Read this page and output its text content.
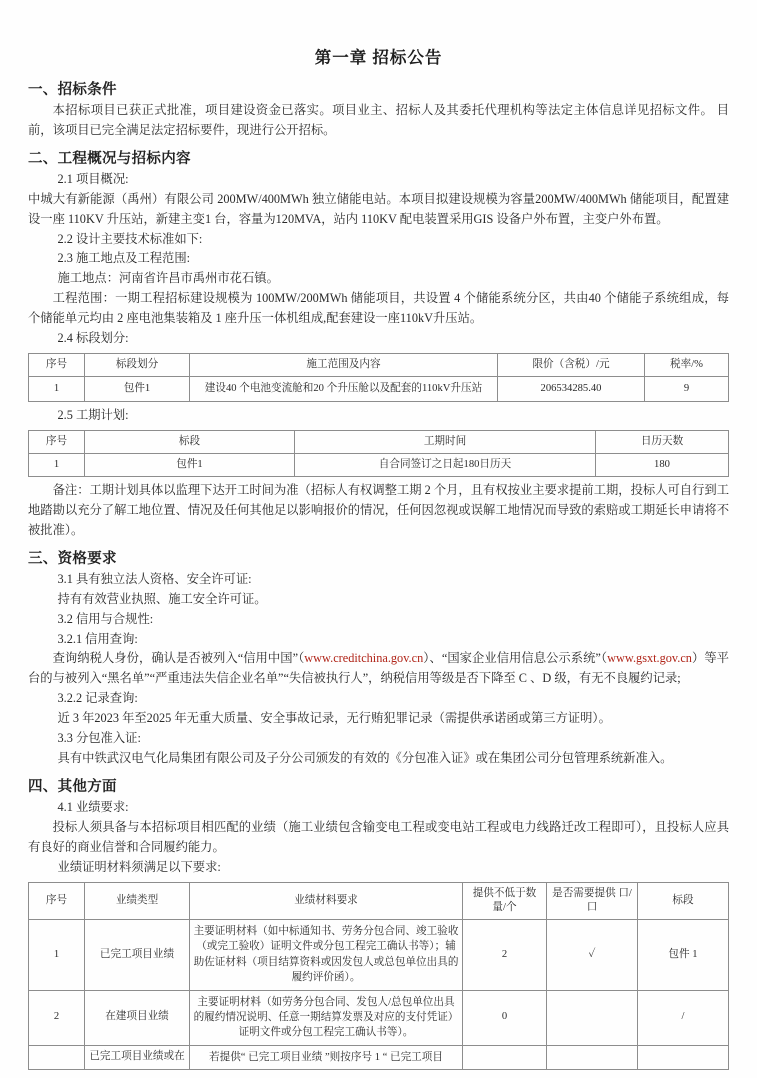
第一章 招标公告
一、招标条件

本招标项目已获正式批准，项目建设资金已落实。项目业主、招标人及其委托代理机构等法定主体信息详见招标文件。 目前，该项目已完全满足法定招标要件，现进行公开招标。

二、工程概况与招标内容

2.1 项目概况:

中城大有新能源（禹州）有限公司 200MW/400MWh 独立储能电站。本项目拟建设规模为容量200MW/400MWh 储能项目，配置建设一座 110KV 升压站，新建主变1 台，容量为120MVA，站内 110KV 配电装置采用GIS 设备户外布置，主变户外布置。

2.2 设计主要技术标准如下:

2.3 施工地点及工程范围:

施工地点：河南省许昌市禹州市花石镇。

工程范围：一期工程招标建设规模为 100MW/200MWh 储能项目，共设置 4 个储能系统分区，共由40 个储能子系统组成，每个储能单元均由 2 座电池集装箱及 1 座升压一体机组成,配套建设一座110kV升压站。

2.4 标段划分:

序号	标段划分	施工范围及内容	限价（含税）/元	税率/%
1	包件1	建设40 个电池变流舱和20 个升压舱以及配套的110kV升压站	206534285.40	9

2.5 工期计划:

序号	标段	工期时间	日历天数
1	包件1	自合同签订之日起180日历天	180

备注：工期计划具体以监理下达开工时间为准（招标人有权调整工期 2 个月，且有权按业主要求提前工期，投标人可自行到工地踏勘以充分了解工地位置、情况及任何其他足以影响报价的情况，任何因忽视或误解工地情况而导致的索赔或工期延长申请将不被批准）。

三、资格要求

3.1 具有独立法人资格、安全许可证:

持有有效营业执照、施工安全许可证。

3.2 信用与合规性:

3.2.1 信用查询:

查询纳税人身份，确认是否被列入“信用中国”（www.creditchina.gov.cn）、“国家企业信用信息公示系统”（www.gsxt.gov.cn）等平台的与被列入“黑名单”“严重违法失信企业名单”“失信被执行人”，纳税信用等级是否下降至 C 、D 级，有无不良履约记录;

3.2.2 记录查询:

近 3 年2023 年至2025 年无重大质量、安全事故记录，无行贿犯罪记录（需提供承诺函或第三方证明）。

3.3 分包准入证:

具有中铁武汉电气化局集团有限公司及子分公司颁发的有效的《分包准入证》或在集团公司分包管理系统新准入。

四、其他方面

4.1 业绩要求:

投标人须具备与本招标项目相匹配的业绩（施工业绩包含输变电工程或变电站工程或电力线路迁改工程即可），且投标人应具有良好的商业信誉和合同履约能力。

业绩证明材料须满足以下要求:

序号	业绩类型	业绩材料要求	提供不低于数量/个	是否需要提供 口/口	标段
1	已完工项目业绩	主要证明材料（如中标通知书、劳务分包合同、竣工验收（或完工验收）证明文件或分包工程完工确认书等）；辅助佐证材料（项目结算资料或因发包人或总包单位出具的履约评价函）。	2	✓	包件 1
2	在建项目业绩	主要证明材料（如劳务分包合同、发包人/总包单位出具的履约情况说明、任意一期结算发票及对应的支付凭证）证明文件或分包工程完工确认书等）。	0		/
	已完工项目业绩或在	若提供“ 已完工项目业绩 ”则按序号 1 “ 已完工项目			
